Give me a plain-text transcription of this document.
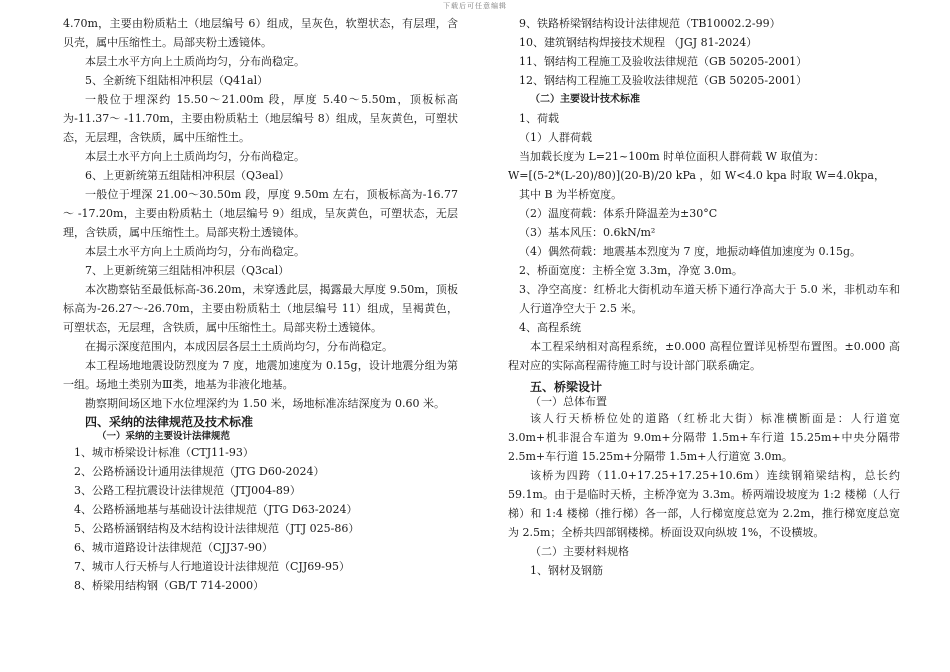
下载后可任意编辑
4.70m，主要由粉质粘土（地层编号 6）组成，呈灰色，软塑状态，有层理，含贝壳，属中压缩性土。局部夹粉土透镜体。
本层土水平方向上土质尚均匀，分布尚稳定。
5、全新统下组陆相冲积层（Q41al）
一般位于埋深约 15.50～21.00m 段，厚度 5.40～5.50m，顶板标高为-11.37～ -11.70m，主要由粉质粘土（地层编号 8）组成，呈灰黄色，可塑状态，无层理，含铁质，属中压缩性土。
本层土水平方向上土质尚均匀，分布尚稳定。
6、上更新统第五组陆相冲积层（Q3eal）
一般位于埋深 21.00～30.50m 段，厚度 9.50m 左右，顶板标高为-16.77～ -17.20m，主要由粉质粘土（地层编号 9）组成，呈灰黄色，可塑状态，无层理，含铁质，属中压缩性土。局部夹粉土透镜体。
本层土水平方向上土质尚均匀，分布尚稳定。
7、上更新统第三组陆相冲积层（Q3cal）
本次勘察钻至最低标高-36.20m，未穿透此层，揭露最大厚度 9.50m，顶板标高为-26.27～-26.70m，主要由粉质粘土（地层编号 11）组成，呈褐黄色，可塑状态，无层理，含铁质，属中压缩性土。局部夹粉土透镜体。
在揭示深度范围内，本成因层各层土土质尚均匀，分布尚稳定。
本工程场地地震设防烈度为 7 度，地震加速度为 0.15g，设计地震分组为第一组。场地土类别为Ⅲ类，地基为非液化地基。
勘察期间场区地下水位埋深约为 1.50 米，场地标准冻结深度为 0.60 米。
四、采纳的法律规范及技术标准
（一）采纳的主要设计法律规范
1、城市桥梁设计标准（CTJ11-93）
2、公路桥涵设计通用法律规范（JTG D60-2024）
3、公路工程抗震设计法律规范（JTJ004-89）
4、公路桥涵地基与基础设计法律规范（JTG D63-2024）
5、公路桥涵钢结构及木结构设计法律规范（JTJ 025-86）
6、城市道路设计法律规范（CJJ37-90）
7、城市人行天桥与人行地道设计法律规范（CJJ69-95）
8、桥梁用结构钢（GB/T 714-2000）
9、铁路桥梁钢结构设计法律规范（TB10002.2-99）
10、建筑钢结构焊接技术规程 （JGJ 81-2024）
11、钢结构工程施工及验收法律规范（GB 50205-2001）
12、钢结构工程施工及验收法律规范（GB 50205-2001）
（二）主要设计技术标准
1、荷载
（1）人群荷载
当加载长度为 L=21~100m 时单位面积人群荷载 W 取值为：
W=[(5-2*(L-20)/80)](20-B)/20 kPa ，如 W<4.0 kpa 时取 W=4.0kpa，
其中 B 为半桥宽度。
（2）温度荷载：体系升降温差为±30°C
（3）基本风压：0.6kN/m²
（4）偶然荷载：地震基本烈度为 7 度，地振动峰值加速度为 0.15g。
2、桥面宽度：主桥全宽 3.3m，净宽 3.0m。
3、净空高度：红桥北大街机动车道天桥下通行净高大于 5.0 米，非机动车和人行道净空大于 2.5 米。
4、高程系统
本工程采纳相对高程系统，±0.000 高程位置详见桥型布置图。±0.000 高程对应的实际高程需待施工时与设计部门联系确定。
五、桥梁设计
（一）总体布置
该人行天桥桥位处的道路（红桥北大街）标准横断面是：人行道宽 3.0m+机非混合车道为 9.0m+分隔带 1.5m+车行道 15.25m+中央分隔带 2.5m+车行道 15.25m+分隔带 1.5m+人行道宽 3.0m。
该桥为四跨（11.0+17.25+17.25+10.6m）连续钢箱梁结构，总长约 59.1m。由于是临时天桥，主桥净宽为 3.3m。桥两端设坡度为 1:2 楼梯（人行梯）和 1:4 楼梯（推行梯）各一部，人行梯宽度总宽为 2.2m，推行梯宽度总宽为 2.5m；全桥共四部钢楼梯。桥面设双向纵坡 1%，不设横坡。
（二）主要材料规格
1、钢材及钢筋
